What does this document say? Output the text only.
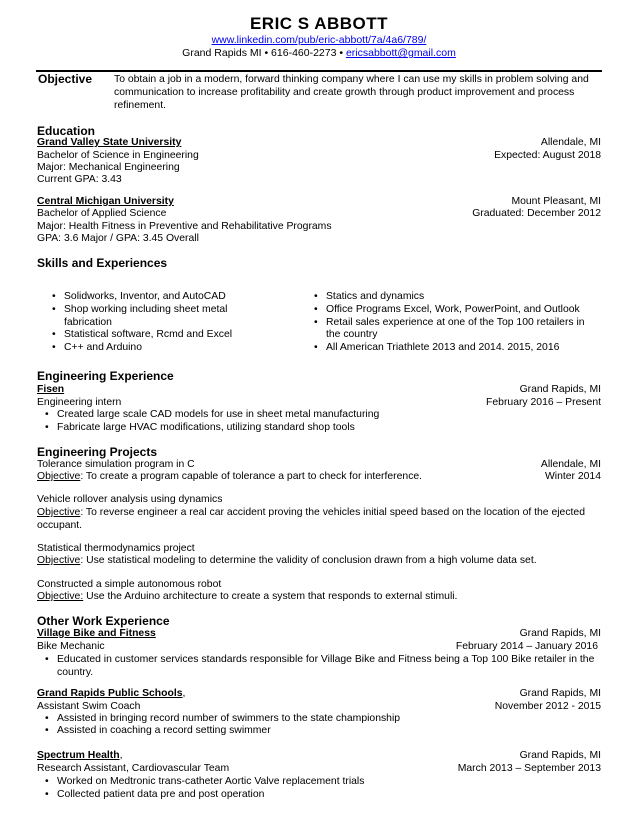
ERIC S ABBOTT
www.linkedin.com/pub/eric-abbott/7a/4a6/789/
Grand Rapids MI • 616-460-2273 • ericsabbott@gmail.com
Objective To obtain a job in a modern, forward thinking company where I can use my skills in problem solving and communication to increase profitability and create growth through product improvement and process refinement.
Education
Grand Valley State University	Allendale, MI
Bachelor of Science in Engineering	Expected: August 2018
Major: Mechanical Engineering
Current GPA: 3.43
Central Michigan University	Mount Pleasant, MI
Bachelor of Applied Science	Graduated: December 2012
Major: Health Fitness in Preventive and Rehabilitative Programs
GPA: 3.6 Major / GPA: 3.45 Overall
Skills and Experiences
• Solidworks, Inventor, and AutoCAD
• Shop working including sheet metal fabrication
• Statistical software, Rcmd and Excel
• C++ and Arduino
• Statics and dynamics
• Office Programs Excel, Work, PowerPoint, and Outlook
• Retail sales experience at one of the Top 100 retailers in the country
• All American Triathlete 2013 and 2014. 2015, 2016
Engineering Experience
Fisen	Grand Rapids, MI
Engineering intern	February 2016 – Present
• Created large scale CAD models for use in sheet metal manufacturing
• Fabricate large HVAC modifications, utilizing standard shop tools
Engineering Projects
Tolerance simulation program in C	Allendale, MI
Objective: To create a program capable of tolerance a part to check for interference.	Winter 2014
Vehicle rollover analysis using dynamics
Objective: To reverse engineer a real car accident proving the vehicles initial speed based on the location of the ejected occupant.
Statistical thermodynamics project
Objective: Use statistical modeling to determine the validity of conclusion drawn from a high volume data set.
Constructed a simple autonomous robot
Objective: Use the Arduino architecture to create a system that responds to external stimuli.
Other Work Experience
Village Bike and Fitness	Grand Rapids, MI
Bike Mechanic	February 2014 – January 2016
• Educated in customer services standards responsible for Village Bike and Fitness being a Top 100 Bike retailer in the country.
Grand Rapids Public Schools,	Grand Rapids, MI
Assistant Swim Coach	November 2012 - 2015
• Assisted in bringing record number of swimmers to the state championship
• Assisted in coaching a record setting swimmer
Spectrum Health,	Grand Rapids, MI
Research Assistant, Cardiovascular Team	March 2013 – September 2013
• Worked on Medtronic trans-catheter Aortic Valve replacement trials
• Collected patient data pre and post operation
